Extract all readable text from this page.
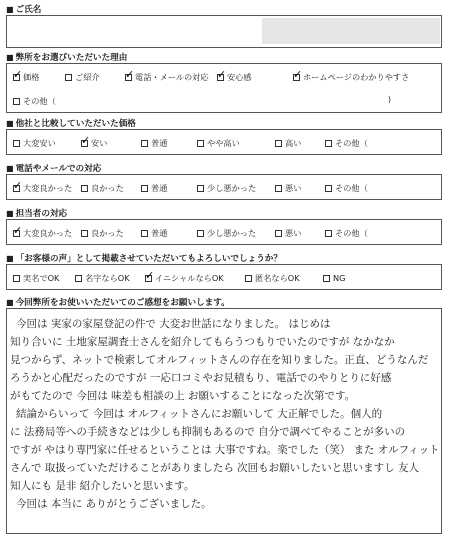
■ ご氏名
■ 弊所をお選びいただいた理由
✓
価格	ご紹介 ✓	電話・メールの対応 ✓ 安心感 ✓	ホームページのわかりやすさ
その他（	)
■ 他社と比較していただいた価格
大変安い ✓	安い	普通	やや高い	高い	その他（
■ 電話やメールでの対応
✓
大変良かった 良かった	普通	少し悪かった	悪い	その他（
■ 担当者の対応
✓
大変良かった 良かった	普通	少し悪かった	悪い	その他（
■ 「お客様の声」として掲載させていただいてもよろしいでしょうか？
実名でOK	名字ならOK ✓	イニシャルならOK	匿名ならOK	NG
■ 今回弊所をお使いいただいてのご感想をお願いします。
今回は 実家の家屋登記の件で 大変お世話になりました。 はじめは
知り合いに 土地家屋調査士さんを紹介してもらうつもりでいたのですが なかなか
見つからず、ネットで検索してオルフィットさんの存在を知りました。正直、どうなんだ
ろうかと心配だったのですが 一応口コミやお見積もり、電話でのやりとりに好感
がもてたので 今回は 味差も相談の上 お願いすることになった次第です。
結論からいって 今回は オルフィットさんにお願いして 大正解でした。個人的
に 法務局等への手続きなどは少しも抑制もあるので 自分で調べてやることが多いの
ですが やはり専門家に任せるということは 大事ですね。楽でした（笑） また オルフィット
さんで 取扱っていただけることがありましたら 次回もお願いしたいと思いますし 友人
知人にも 是非 紹介したいと思います。
今回は 本当に ありがとうございました。
